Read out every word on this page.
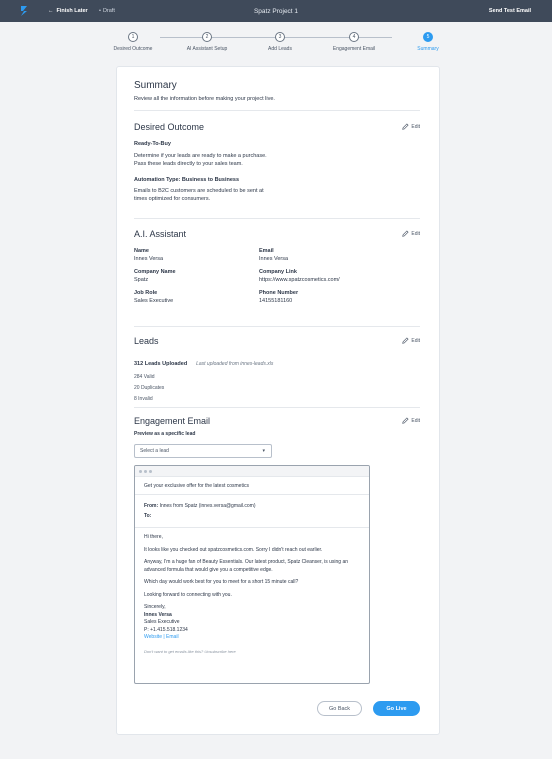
← Finish Later • Draft	Spatz Project 1	Send Test Email
1
Desired Outcome
2
AI Assistant Setup
3
Add Leads
4
Engagement Email
5
Summary
Summary
Review all the information before making your project live.
Desired Outcome	Edit
Ready-To-Buy
Determine if your leads are ready to make a purchase.
Pass these leads directly to your sales team.
Automation Type: Business to Business
Emails to B2C customers are scheduled to be sent at
times optimized for consumers.
A.I. Assistant	Edit
Name
Innes Versa
Email
Innes Versa
Company Name
Spatz
Company Link
https://www.spatzcosmetics.com/
Job Role
Sales Executive
Phone Number
14155181160
Leads	Edit
312 Leads Uploaded Last uploaded from innes-leads.xls
284 Valid
20 Duplicates
8 Invalid
Engagement Email	Edit
Preview as a specific lead
Select a lead	▾
Get your exclusive offer for the latest cosmetics
From: Innes from Spatz (innes.versa@gmail.com)
To:

Hi there,

It looks like you checked out spatzcosmetics.com. Sorry I didn't reach out earlier.

Anyway, I'm a huge fan of Beauty Essentials. Our latest product, Spatz Cleanser, is using an
advanced formula that would give you a competitive edge.

Which day would work best for you to meet for a short 15 minute call?

Looking forward to connecting with you.

Sincerely,
Innes Versa
Sales Executive
P: +1.415.518.1234
Website | Email
Don't want to get emails like this? Unsubscribe here
Go Back	Go Live
